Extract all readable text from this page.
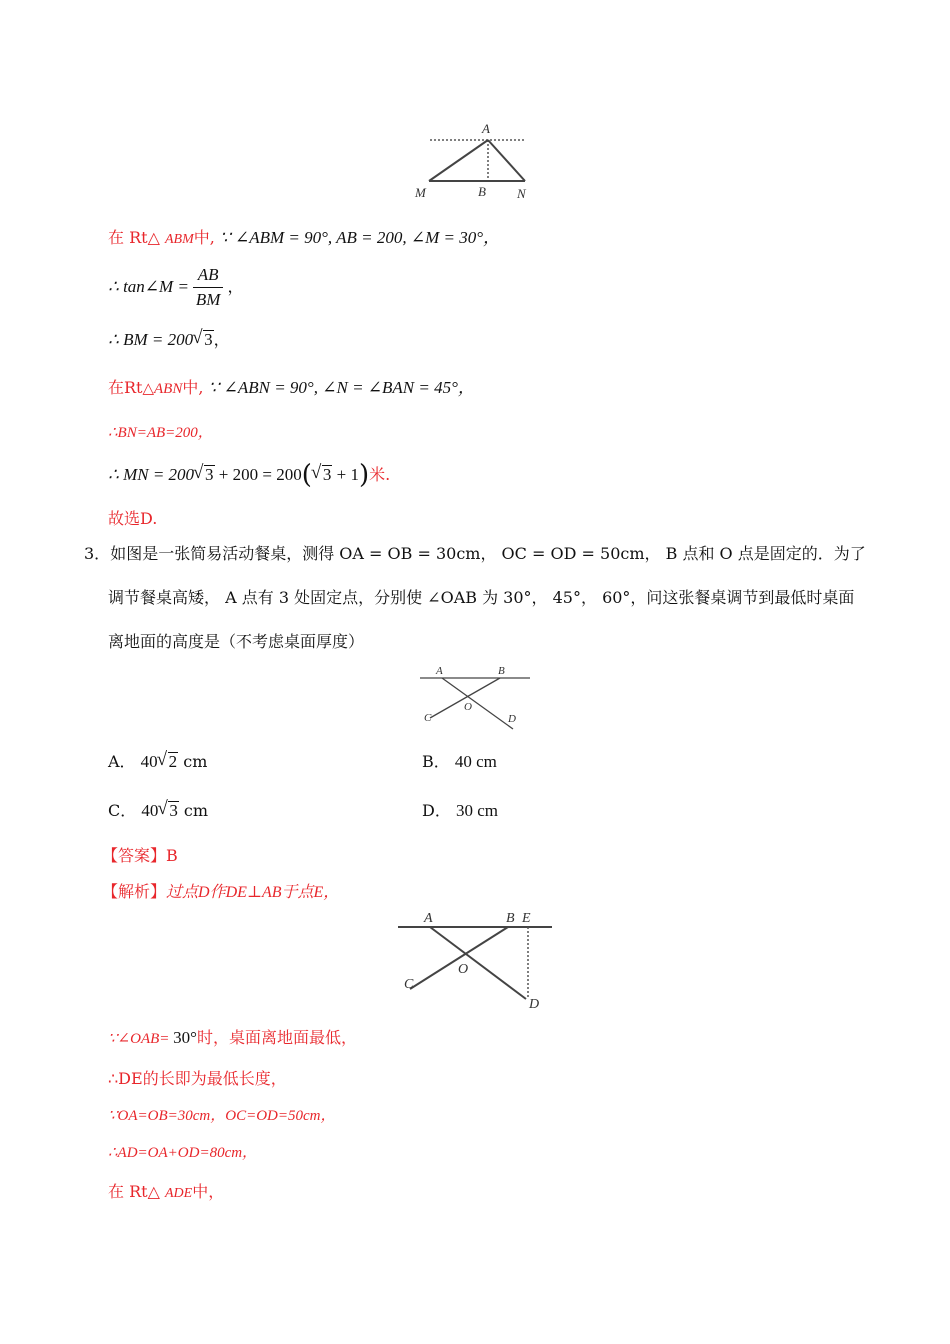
A
M	B N
在 Rt△ ABM中, ∵ ∠ABM = 90°, AB = 200, ∠M = 30°，
∴ tan∠M = $\frac{AB}{BM}$ ，
∴ BM = 200 √ 3，
在Rt△ABN中, ∵ ∠ABN = 90°, ∠N = ∠BAN = 45°，
∴BN=AB=200，
∴ MN = 200 √ 3 + 200 = 200( √ 3 + 1)米.
故选D.
3．如图是一张简易活动餐桌，测得 OA = OB = 30cm， OC = OD = 50cm， B 点和 O 点是固定的．为了
调节餐桌高矮， A 点有 3 处固定点，分别使 ∠OAB 为 30°， 45°， 60°，问这张餐桌调节到最低时桌面
离地面的高度是（不考虑桌面厚度）
A	B
O
C	D
A． 40 √ 2 cm	B． 40 cm
C． 40 √ 3 cm	D． 30 cm
【答案】B
【解析】过点D作DE⊥AB于点E，
A	B E
O
C
D
∵∠OAB= 30°时，桌面离地面最低，
∴DE的长即为最低长度，
∵OA=OB=30cm，OC=OD=50cm，
∴AD=OA+OD=80cm，
在 Rt△ ADE中，
